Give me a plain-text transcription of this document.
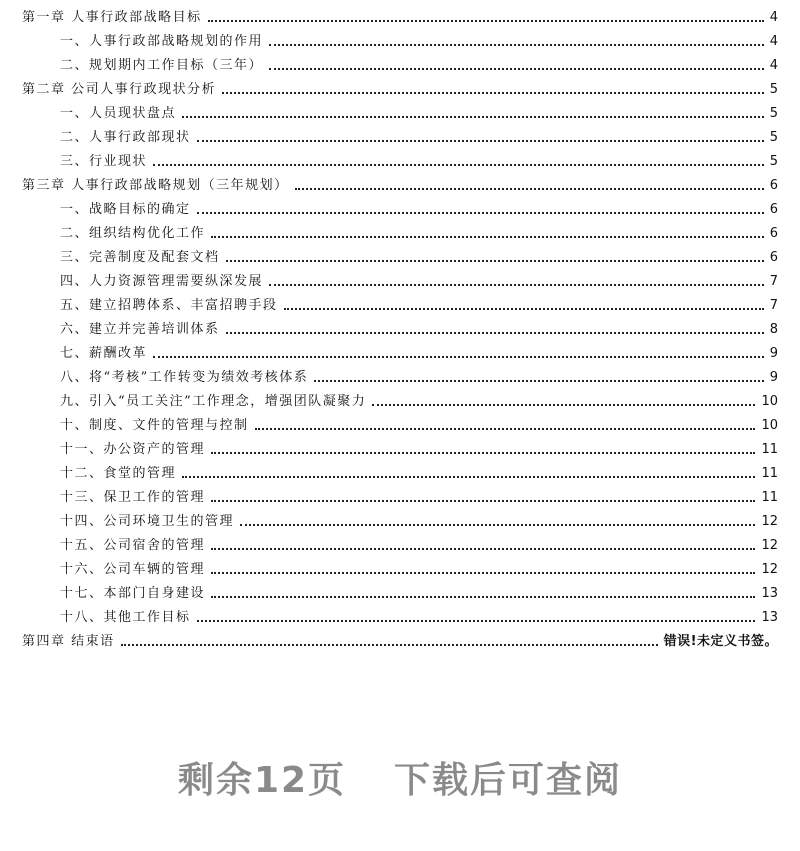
第一章 人事行政部战略目标	4
一、人事行政部战略规划的作用	4
二、规划期内工作目标（三年）	4
第二章 公司人事行政现状分析	5
一、人员现状盘点	5
二、人事行政部现状	5
三、行业现状	5
第三章 人事行政部战略规划（三年规划）	6
一、战略目标的确定	6
二、组织结构优化工作	6
三、完善制度及配套文档	6
四、人力资源管理需要纵深发展	7
五、建立招聘体系、丰富招聘手段	7
六、建立并完善培训体系	8
七、薪酬改革	9
八、将“考核”工作转变为绩效考核体系	9
九、引入“员工关注”工作理念，增强团队凝聚力	10
十、制度、文件的管理与控制	10
十一、办公资产的管理	11
十二、食堂的管理	11
十三、保卫工作的管理	11
十四、公司环境卫生的管理	12
十五、公司宿舍的管理	12
十六、公司车辆的管理	12
十七、本部门自身建设	13
十八、其他工作目标	13
第四章 结束语	错误!未定义书签。
剩余12页 下载后可查阅
